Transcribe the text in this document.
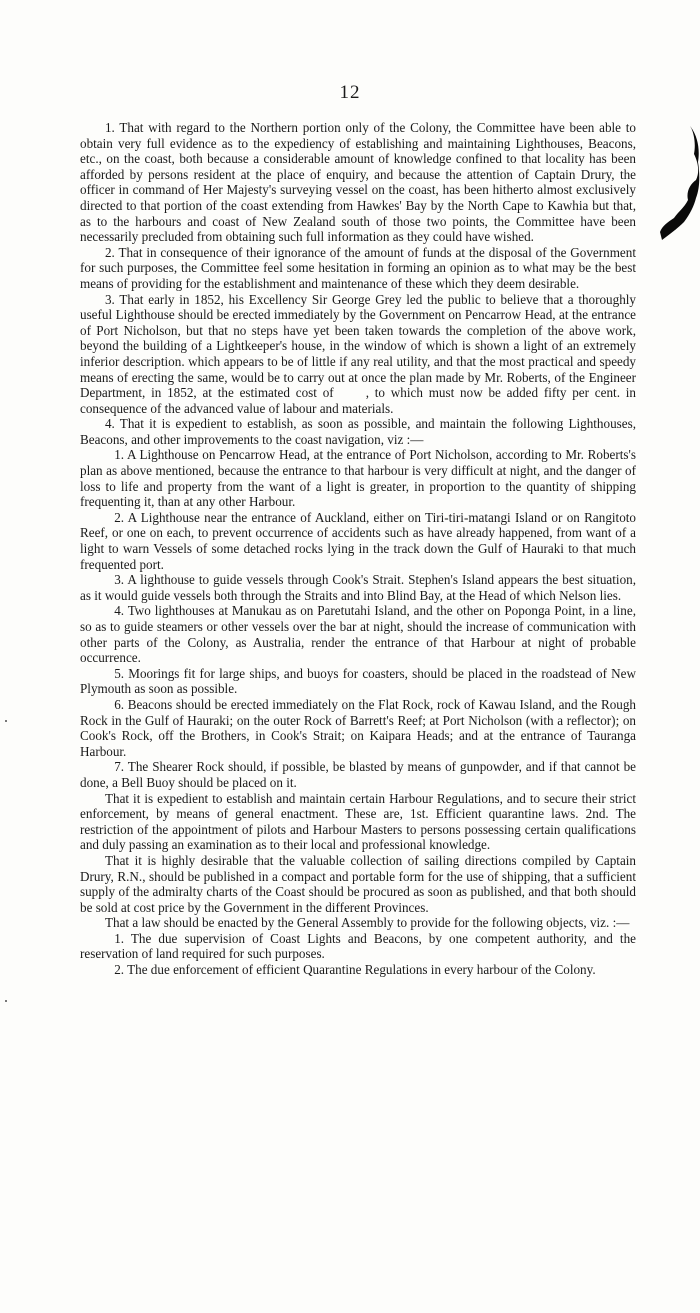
12

1. That with regard to the Northern portion only of the Colony, the Committee have been able to obtain very full evidence as to the expediency of establishing and maintaining Lighthouses, Beacons, etc., on the coast, both because a considerable amount of knowledge confined to that locality has been afforded by persons resident at the place of enquiry, and because the attention of Captain Drury, the officer in command of Her Majesty's surveying vessel on the coast, has been hitherto almost exclusively directed to that portion of the coast extending from Hawkes' Bay by the North Cape to Kawhia but that, as to the harbours and coast of New Zealand south of those two points, the Committee have been necessarily precluded from obtaining such full information as they could have wished.

2. That in consequence of their ignorance of the amount of funds at the disposal of the Government for such purposes, the Committee feel some hesitation in forming an opinion as to what may be the best means of providing for the establishment and maintenance of these which they deem desirable.

3. That early in 1852, his Excellency Sir George Grey led the public to believe that a thoroughly useful Lighthouse should be erected immediately by the Government on Pencarrow Head, at the entrance of Port Nicholson, but that no steps have yet been taken towards the completion of the above work, beyond the building of a Lightkeeper's house, in the window of which is shown a light of an extremely inferior description. which appears to be of little if any real utility, and that the most practical and speedy means of erecting the same, would be to carry out at once the plan made by Mr. Roberts, of the Engineer Department, in 1852, at the estimated cost of   , to which must now be added fifty per cent. in consequence of the advanced value of labour and materials.

4. That it is expedient to establish, as soon as possible, and maintain the following Lighthouses, Beacons, and other improvements to the coast navigation, viz :—

1. A Lighthouse on Pencarrow Head, at the entrance of Port Nicholson, according to Mr. Roberts's plan as above mentioned, because the entrance to that harbour is very difficult at night, and the danger of loss to life and property from the want of a light is greater, in proportion to the quantity of shipping frequenting it, than at any other Harbour.

2. A Lighthouse near the entrance of Auckland, either on Tiri-tiri-matangi Island or on Rangitoto Reef, or one on each, to prevent occurrence of accidents such as have already happened, from want of a light to warn Vessels of some detached rocks lying in the track down the Gulf of Hauraki to that much frequented port.

3. A lighthouse to guide vessels through Cook's Strait. Stephen's Island appears the best situation, as it would guide vessels both through the Straits and into Blind Bay, at the Head of which Nelson lies.

4. Two lighthouses at Manukau as on Paretutahi Island, and the other on Poponga Point, in a line, so as to guide steamers or other vessels over the bar at night, should the increase of communication with other parts of the Colony, as Australia, render the entrance of that Harbour at night of probable occurrence.

5. Moorings fit for large ships, and buoys for coasters, should be placed in the roadstead of New Plymouth as soon as possible.

6. Beacons should be erected immediately on the Flat Rock, rock of Kawau Island, and the Rough Rock in the Gulf of Hauraki; on the outer Rock of Barrett's Reef; at Port Nicholson (with a reflector); on Cook's Rock, off the Brothers, in Cook's Strait; on Kaipara Heads; and at the entrance of Tauranga Harbour.

7. The Shearer Rock should, if possible, be blasted by means of gunpowder, and if that cannot be done, a Bell Buoy should be placed on it.

That it is expedient to establish and maintain certain Harbour Regulations, and to secure their strict enforcement, by means of general enactment. These are, 1st. Efficient quarantine laws. 2nd. The restriction of the appointment of pilots and Harbour Masters to persons possessing certain qualifications and duly passing an examination as to their local and professional knowledge.

That it is highly desirable that the valuable collection of sailing directions compiled by Captain Drury, R.N., should be published in a compact and portable form for the use of shipping, that a sufficient supply of the admiralty charts of the Coast should be procured as soon as published, and that both should be sold at cost price by the Government in the different Provinces.

That a law should be enacted by the General Assembly to provide for the following objects, viz. :—

1. The due supervision of Coast Lights and Beacons, by one competent authority, and the reservation of land required for such purposes.

2. The due enforcement of efficient Quarantine Regulations in every harbour of the Colony.
